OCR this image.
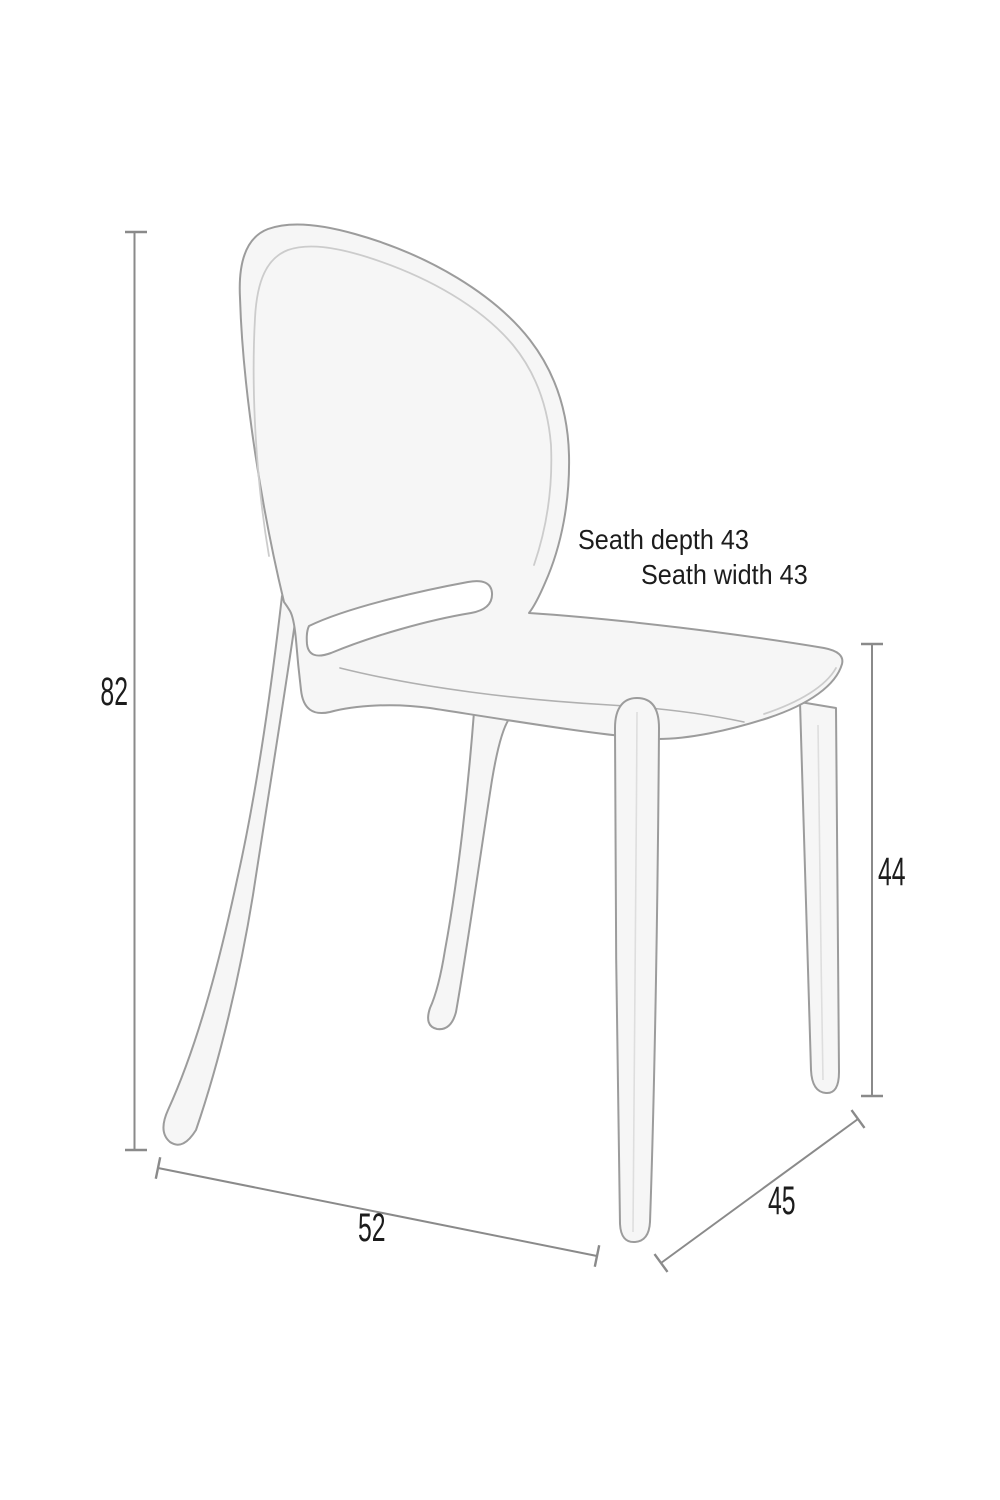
82
44
52
45
Seath depth 43
Seath width 43
